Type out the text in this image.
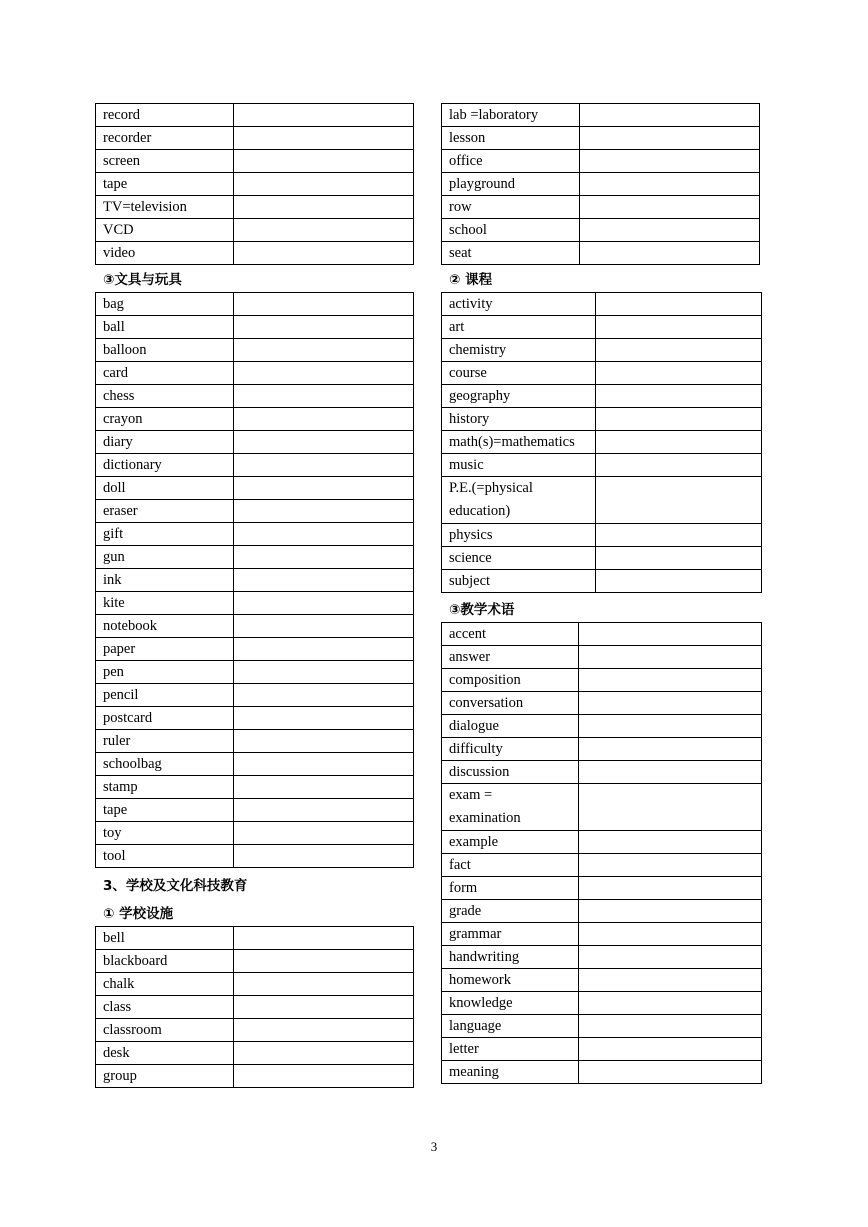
record	
recorder	
screen	
tape	
TV=television	
VCD	
video	
③文具与玩具
bag	
ball	
balloon	
card	
chess	
crayon	
diary	
dictionary	
doll	
eraser	
gift	
gun	
ink	
kite	
notebook	
paper	
pen	
pencil	
postcard	
ruler	
schoolbag	
stamp	
tape	
toy	
tool	
3、学校及文化科技教育
① 学校设施
bell	
blackboard	
chalk	
class	
classroom	
desk	
group	
lab =laboratory	
lesson	
office	
playground	
row	
school	
seat	
② 课程
activity	
art	
chemistry	
course	
geography	
history	
math(s)=mathematics	
music	
P.E.(=physical
education)	
physics	
science	
subject	
③教学术语
accent	
answer	
composition	
conversation	
dialogue	
difficulty	
discussion	
exam =
examination	
example	
fact	
form	
grade	
grammar	
handwriting	
homework	
knowledge	
language	
letter	
meaning	
3
